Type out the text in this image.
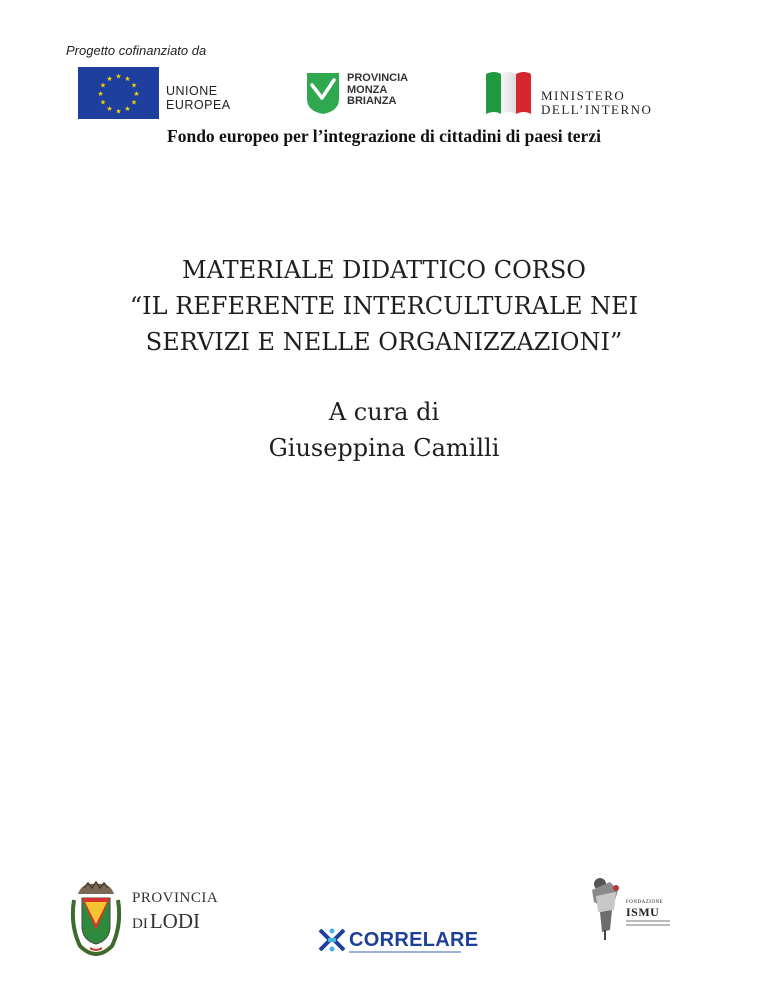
Progetto cofinanziato da
★ ★
★
★
★
★
★
★
★
★
★
★
UNIONE
EUROPEA
PROVINCIA
MONZA
BRIANZA	MINISTERO
DELL’INTERNO
Fondo europeo per l’integrazione di cittadini di paesi terzi
MATERIALE DIDATTICO CORSO
“IL REFERENTE INTERCULTURALE NEI
SERVIZI E NELLE ORGANIZZAZIONI”
A cura di
Giuseppina Camilli
PROVINCIA
DILODI
CORRELARE
FONDAZIONE
ISMU
